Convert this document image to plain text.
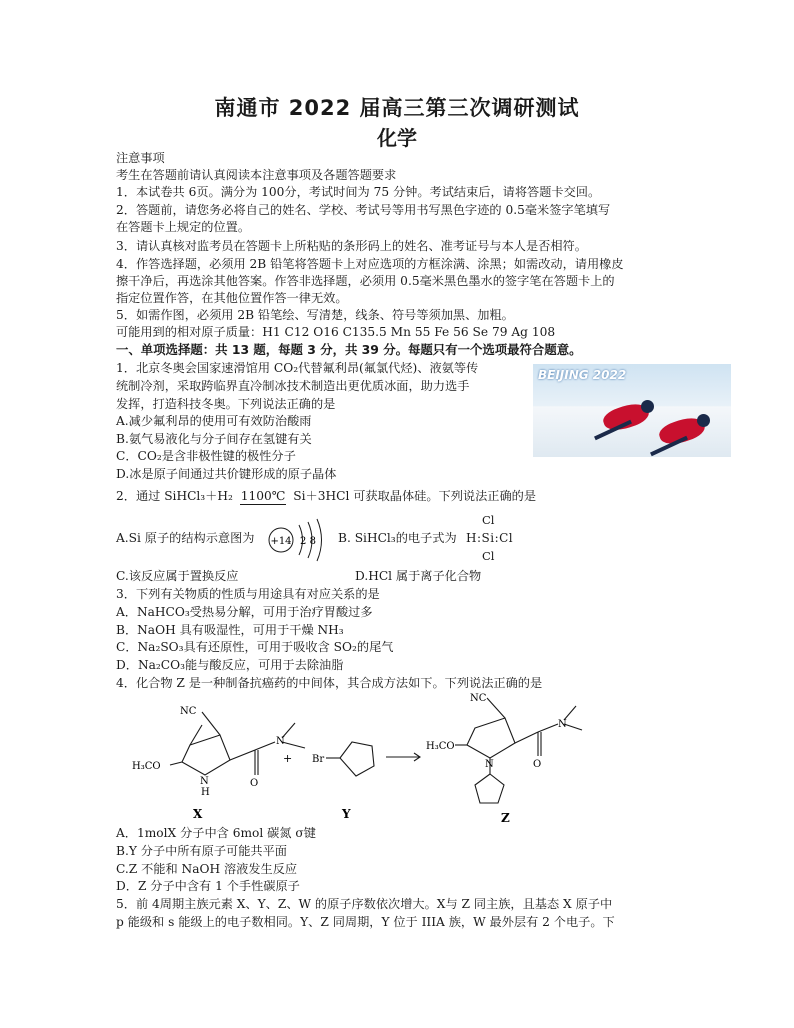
南通市 2022 届高三第三次调研测试
化学
注意事项
考生在答题前请认真阅读本注意事项及各题答题要求
1．本试卷共 6页。满分为 100分，考试时间为 75 分钟。考试结束后，请将答题卡交回。
2．答题前，请您务必将自己的姓名、学校、考试号等用书写黑色字迹的 0.5毫米签字笔填写
在答题卡上规定的位置。
3．请认真核对监考员在答题卡上所粘贴的条形码上的姓名、准考证号与本人是否相符。
4．作答选择题，必须用 2B 铅笔将答题卡上对应选项的方框涂满、涂黑；如需改动，请用橡皮
擦干净后，再选涂其他答案。作答非选择题，必须用 0.5毫米黑色墨水的签字笔在答题卡上的
指定位置作答，在其他位置作答一律无效。
5．如需作图，必须用 2B 铅笔绘、写清楚，线条、符号等须加黑、加粗。
可能用到的相对原子质量：H1 C12 O16 C135.5 Mn 55 Fe 56 Se 79 Ag 108
一、单项选择题：共 13 题，每题 3 分，共 39 分。每题只有一个选项最符合题意。
1．北京冬奥会国家速滑馆用 CO₂代替氟利昂(氟氯代烃)、液氨等传
统制冷剂，采取跨临界直冷制冰技术制造出更优质冰面，助力选手
发挥，打造科技冬奥。下列说法正确的是
A.减少氟利昂的使用可有效防治酸雨
B.氨气易液化与分子间存在氢键有关
C．CO₂是含非极性键的极性分子
D.冰是原子间通过共价键形成的原子晶体
BEIJING 2022
2．通过 SiHCl₃＋H₂ 1100℃ Si＋3HCl 可获取晶体硅。下列说法正确的是
A.Si 原子的结构示意图为 +14 2 8 B. SiHCl₃的电子式为
Cl
H:Si:Cl
Cl
C.该反应属于置换反应	D.HCl 属于离子化合物
3．下列有关物质的性质与用途具有对应关系的是
A．NaHCO₃受热易分解，可用于治疗胃酸过多
B．NaOH 具有吸湿性，可用于干燥 NH₃
C．Na₂SO₃具有还原性，可用于吸收含 SO₂的尾气
D．Na₂CO₃能与酸反应，可用于去除油脂
4．化合物 Z 是一种制备抗癌药的中间体，其合成方法如下。下列说法正确的是
NC
H₃CO
N
O
N
H
X
+ Br
Y
NC
H₃CO
N
O
N
Z
A．1molX 分子中含 6mol 碳氮 σ键
B.Y 分子中所有原子可能共平面
C.Z 不能和 NaOH 溶液发生反应
D．Z 分子中含有 1 个手性碳原子
5．前 4周期主族元素 X、Y、Z、W 的原子序数依次增大。X与 Z 同主族，且基态 X 原子中
p 能级和 s 能级上的电子数相同。Y、Z 同周期，Y 位于 IIIA 族，W 最外层有 2 个电子。下
